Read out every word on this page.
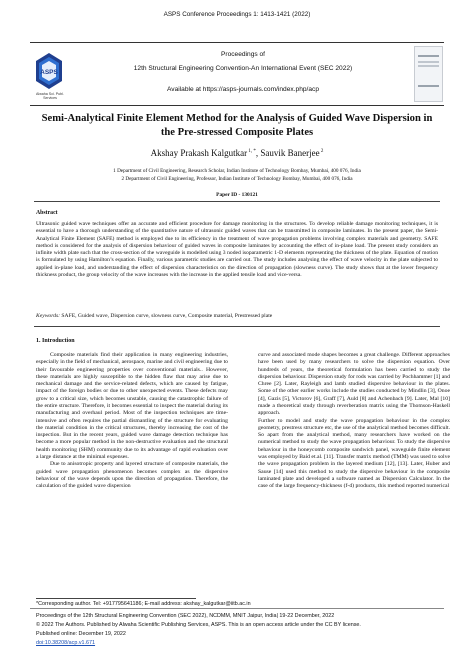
ASPS Conference Proceedings 1: 1413-1421 (2022)
ASPS
Alwaha Sci. Publ. Services
Proceedings of
12th Structural Engineering Convention-An International Event (SEC 2022)
Available at https://asps-journals.com/index.php/acp
Semi-Analytical Finite Element Method for the Analysis of Guided Wave Dispersion in
the Pre-stressed Composite Plates
Akshay Prakash Kalgutkar $^{1, *}$, Sauvik Banerjee $^2$
1 Department of Civil Engineering, Research Scholar, Indian Institute of Technology Bombay, Mumbai, 400 076, India
2 Department of Civil Engineering, Professor, Indian Institute of Technology Bombay, Mumbai, 400 076, India
Paper ID - 130121
Abstract
Ultrasonic guided wave techniques offer an accurate and efficient procedure for damage monitoring in the structures. To develop reliable damage monitoring techniques, it is essential to have a thorough understanding of the quantitative nature of ultrasonic guided waves that can be transmitted in composite laminates. In the present paper, the Semi-Analytical Finite Element (SAFE) method is employed due to its efficiency in the treatment of wave propagation problems involving complex materials and geometry. SAFE method is considered for the analysis of dispersion behaviour of guided waves in composite laminates by accounting the effect of in-plane load. The present study considers an infinite width plate such that the cross-section of the waveguide is modelled using 3 noded isoparametric 1-D elements representing the thickness of the plate. Equation of motion is formulated by using Hamilton’s equation. Finally, various parametric studies are carried out. The study includes analysing the effect of wave velocity in the plate subjected to applied in-plane load, and understanding the effect of dispersion characteristics on the direction of propagation (slowness curve). The study shows that at the lower frequency thickness product, the group velocity of the wave increases with the increase in the applied tensile load and vice-versa.
Keywords: SAFE, Guided wave, Dispersion curve, slowness curve, Composite material, Prestressed plate
1. Introduction

Composite materials find their application in many engineering industries, especially in the field of mechanical, aerospace, marine and civil engineering due to their favourable engineering properties over conventional materials.. However, these materials are highly susceptible to the hidden flaw that may arise due to mechanical damage and the service-related defects, which are caused by fatigue, impact of the foreign bodies or due to other unexpected events. These defects may grow to a critical size, which becomes unstable, causing the catastrophic failure of the entire structure. Therefore, it becomes essential to inspect the material during its manufacturing and overhaul period. Most of the inspection techniques are time-intensive and often requires the partial dismantling of the structure for evaluating the material condition in the critical structures, thereby increasing the cost of the inspection. But in the recent years, guided wave damage detection technique has become a more popular method in the non-destructive evaluation and the structural health monitoring (SHM) community due to its advantage of rapid evaluation over a large distance at the minimal expenses.

Due to anisotropic property and layered structure of composite materials, the guided wave propagation phenomenon becomes complex as the dispersive behaviour of the wave depends upon the direction of propagation. Therefore, the calculation of the guided wave dispersion

curve and associated mode shapes becomes a great challenge. Different approaches have been used by many researchers to solve the dispersion equation. Over hundreds of years, the theoretical formulation has been carried to study the dispersion behaviour. Dispersion study for rods was carried by Pochhammer [1] and Chree [2]. Later, Rayleigh and lamb studied dispersive behaviour in the plates. Some of the other earlier works include the studies conducted by Mindlin [3], Onoe [4], Gazis [5], Victorov [6], Graff [7], Auld [8] and Achenbach [9]. Later, Mal [10] made a theoretical study through reverberation matrix using the Thomson-Haskell approach.

Further to model and study the wave propagation behaviour in the complex geometry, prestress structure etc, the use of the analytical method becomes difficult. So apart from the analytical method, many researchers have worked on the numerical method to study the wave propagation behaviour. To study the dispersive behaviour in the honeycomb composite sandwich panel, waveguide finite element was employed by Baid et.al. [11]. Transfer matrix method (TMM) was used to solve the wave propagation problem in the layered medium [12], [13]. Later, Huber and Sause [14] used this method to study the dispersive behaviour in the composite laminated plate and developed a software named as Dispersion Calculator. In the case of the large frequency-thickness (f-d) products, this method reported numerical

*Corresponding author. Tel: +917795641186; E-mail address: akshay_kalgutkar@iitb.ac.in
Proceedings of the 12th Structural Engineering Convention (SEC 2022), NCDMM, MNIT Jaipur, India| 19-22 December, 2022
© 2022 The Authors. Published by Alwaha Scientific Publishing Services, ASPS. This is an open access article under the CC BY license.
Published online: December 19, 2022
doi:10.38208/acp.v1.671
